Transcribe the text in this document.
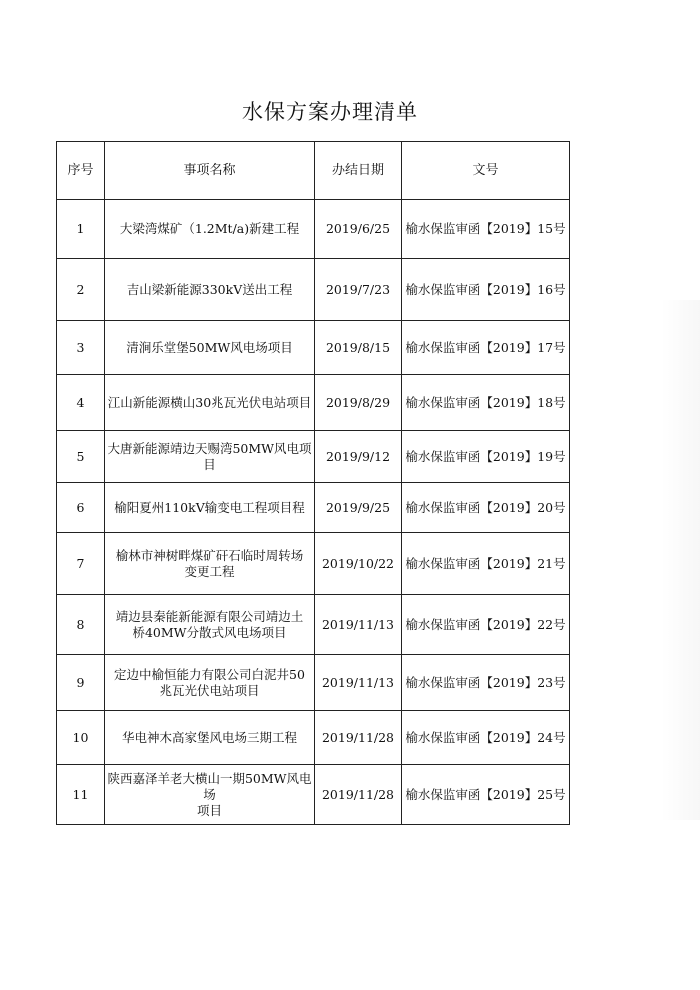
水保方案办理清单
序号	事项名称	办结日期	文号
1	大梁湾煤矿（1.2Mt/a)新建工程	2019/6/25	榆水保监审函【2019】15号
2	吉山梁新能源330kV送出工程	2019/7/23	榆水保监审函【2019】16号
3	清涧乐堂堡50MW风电场项目	2019/8/15	榆水保监审函【2019】17号
4	江山新能源横山30兆瓦光伏电站项目	2019/8/29	榆水保监审函【2019】18号
5	大唐新能源靖边天赐湾50MW风电项目	2019/9/12	榆水保监审函【2019】19号
6	榆阳夏州110kV输变电工程项目程	2019/9/25	榆水保监审函【2019】20号
7	榆林市神树畔煤矿矸石临时周转场
变更工程	2019/10/22	榆水保监审函【2019】21号
8	靖边县秦能新能源有限公司靖边土
桥40MW分散式风电场项目	2019/11/13	榆水保监审函【2019】22号
9	定边中榆恒能力有限公司白泥井50
兆瓦光伏电站项目	2019/11/13	榆水保监审函【2019】23号
10	华电神木高家堡风电场三期工程	2019/11/28	榆水保监审函【2019】24号
11	陕西嘉泽羊老大横山一期50MW风电
场
项目	2019/11/28	榆水保监审函【2019】25号
